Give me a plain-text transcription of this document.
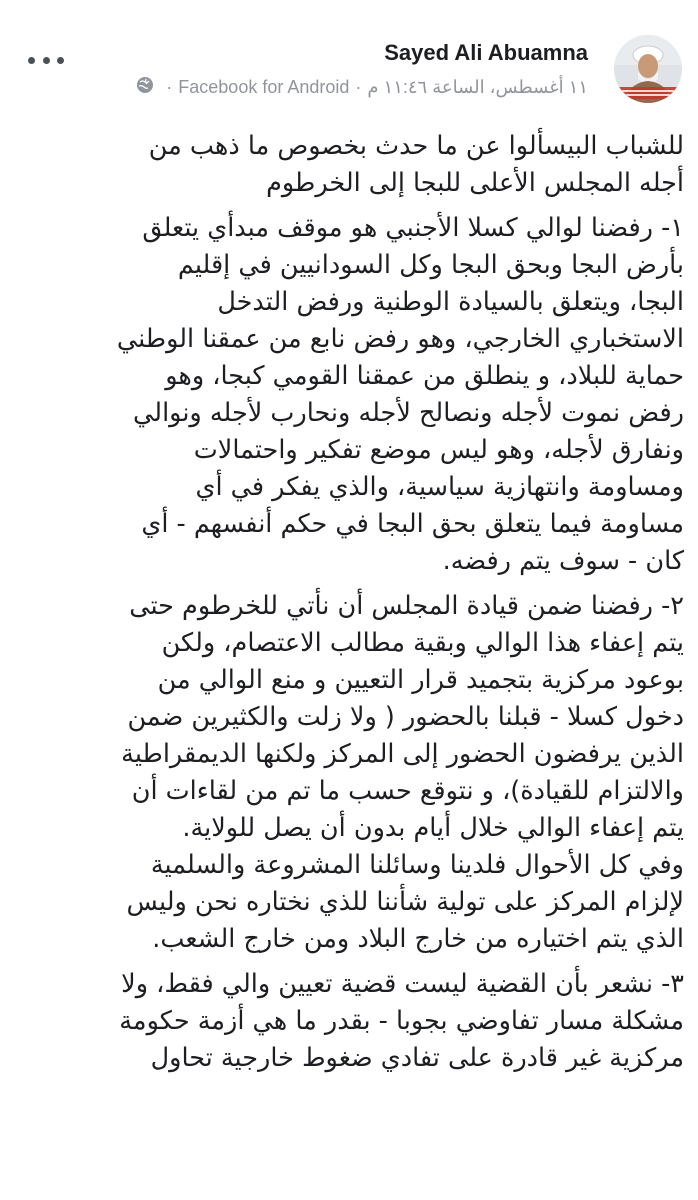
Sayed Ali Abuamna
· Facebook for Android · ١١ أغسطس، الساعة ١١:٤٦ م

للشباب البيسألوا عن ما حدث بخصوص ما ذهب من
أجله المجلس الأعلى للبجا إلى الخرطوم

١- رفضنا لوالي كسلا الأجنبي هو موقف مبدأي يتعلق
بأرض البجا وبحق البجا وكل السودانيين في إقليم
البجا، ويتعلق بالسيادة الوطنية ورفض التدخل
الاستخباري الخارجي، وهو رفض نابع من عمقنا الوطني
حماية للبلاد، و ينطلق من عمقنا القومي كبجا، وهو
رفض نموت لأجله ونصالح لأجله ونحارب لأجله ونوالي
ونفارق لأجله، وهو ليس موضع تفكير واحتمالات
ومساومة وانتهازية سياسية، والذي يفكر في أي
مساومة فيما يتعلق بحق البجا في حكم أنفسهم - أي
كان - سوف يتم رفضه.

٢- رفضنا ضمن قيادة المجلس أن نأتي للخرطوم حتى
يتم إعفاء هذا الوالي وبقية مطالب الاعتصام، ولكن
بوعود مركزية بتجميد قرار التعيين و منع الوالي من
دخول كسلا - قبلنا بالحضور ( ولا زلت والكثيرين ضمن
الذين يرفضون الحضور إلى المركز ولكنها الديمقراطية
والالتزام للقيادة)، و نتوقع حسب ما تم من لقاءات أن
يتم إعفاء الوالي خلال أيام بدون أن يصل للولاية.
وفي كل الأحوال فلدينا وسائلنا المشروعة والسلمية
لإلزام المركز على تولية شأننا للذي نختاره نحن وليس
الذي يتم اختياره من خارج البلاد ومن خارج الشعب.

٣- نشعر بأن القضية ليست قضية تعيين والي فقط، ولا
مشكلة مسار تفاوضي بجوبا - بقدر ما هي أزمة حكومة
مركزية غير قادرة على تفادي ضغوط خارجية تحاول
